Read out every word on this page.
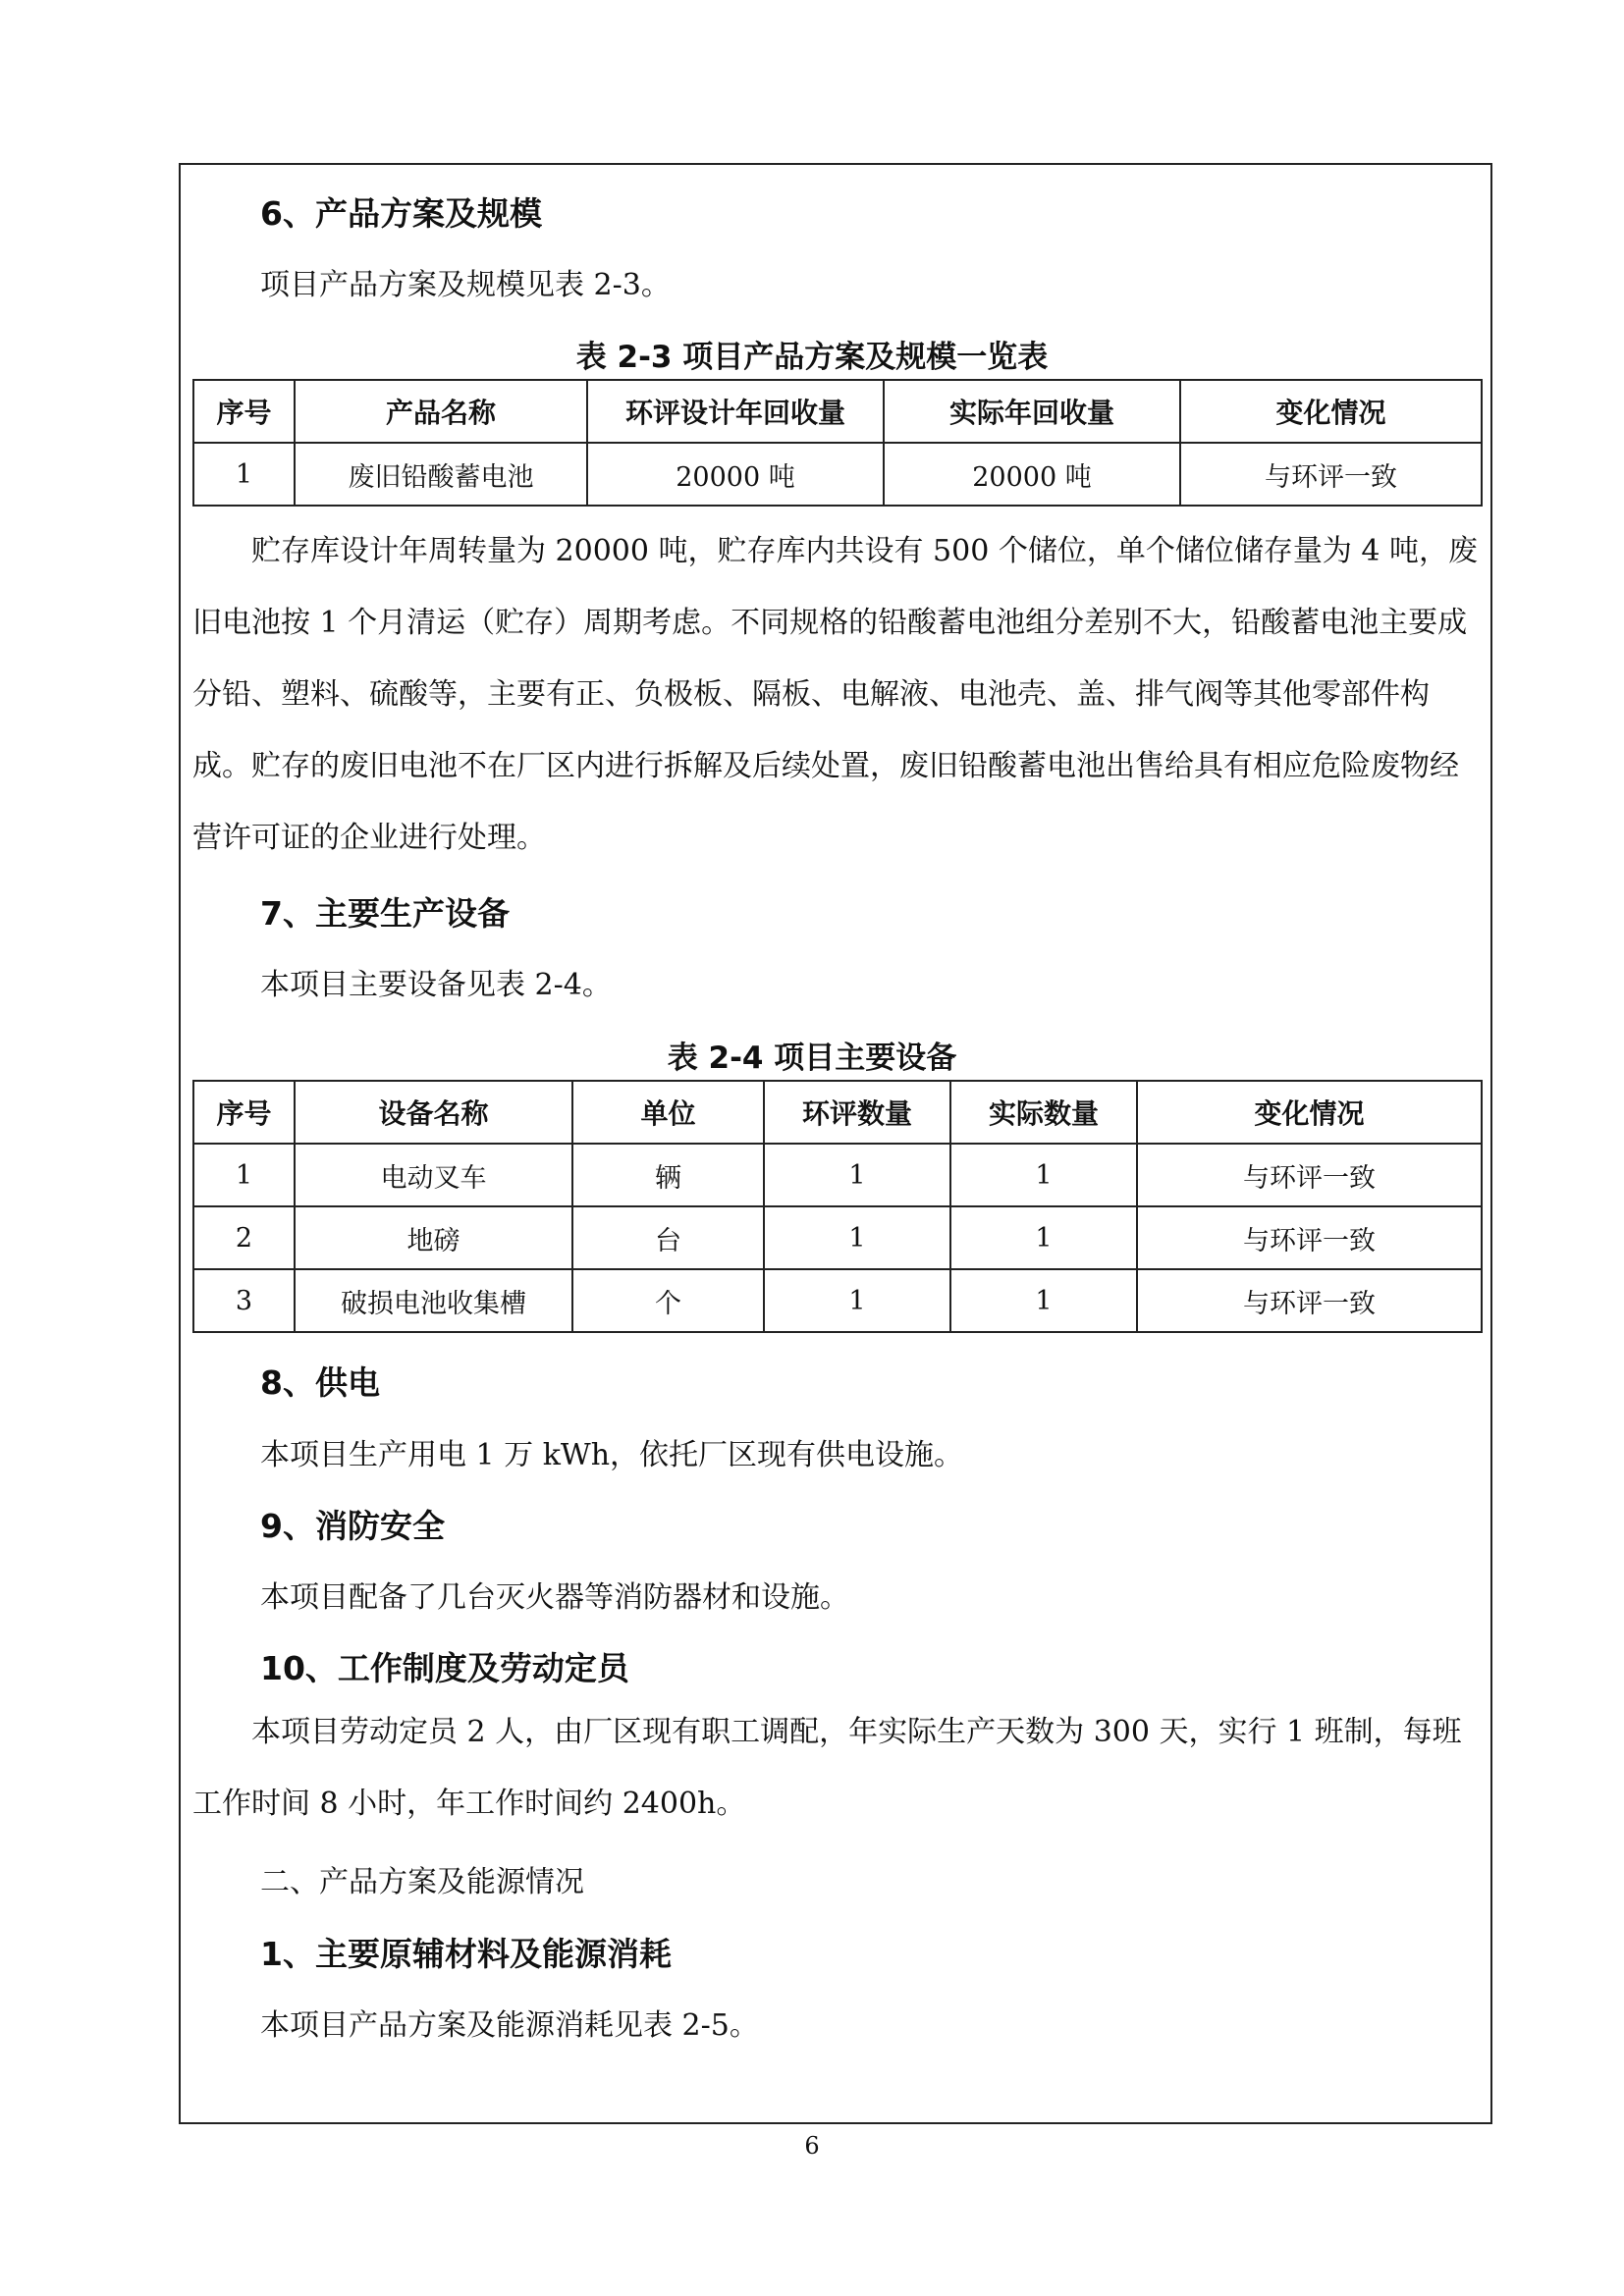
6、产品方案及规模
项目产品方案及规模见表 2-3。
表 2-3 项目产品方案及规模一览表
序号	产品名称	环评设计年回收量	实际年回收量	变化情况
1	废旧铅酸蓄电池	20000 吨	20000 吨	与环评一致
贮存库设计年周转量为 20000 吨，贮存库内共设有 500 个储位，单个储位储存量为 4 吨，废旧电池按 1 个月清运（贮存）周期考虑。不同规格的铅酸蓄电池组分差别不大，铅酸蓄电池主要成分铅、塑料、硫酸等，主要有正、负极板、隔板、电解液、电池壳、盖、排气阀等其他零部件构成。贮存的废旧电池不在厂区内进行拆解及后续处置，废旧铅酸蓄电池出售给具有相应危险废物经营许可证的企业进行处理。
7、主要生产设备
本项目主要设备见表 2-4。
表 2-4 项目主要设备
序号	设备名称	单位	环评数量	实际数量	变化情况
1	电动叉车	辆	1	1	与环评一致
2	地磅	台	1	1	与环评一致
3	破损电池收集槽	个	1	1	与环评一致
8、供电
本项目生产用电 1 万 kWh，依托厂区现有供电设施。
9、消防安全
本项目配备了几台灭火器等消防器材和设施。
10、工作制度及劳动定员
本项目劳动定员 2 人，由厂区现有职工调配，年实际生产天数为 300 天，实行 1 班制，每班工作时间 8 小时，年工作时间约 2400h。
二、产品方案及能源情况
1、主要原辅材料及能源消耗
本项目产品方案及能源消耗见表 2-5。
6
